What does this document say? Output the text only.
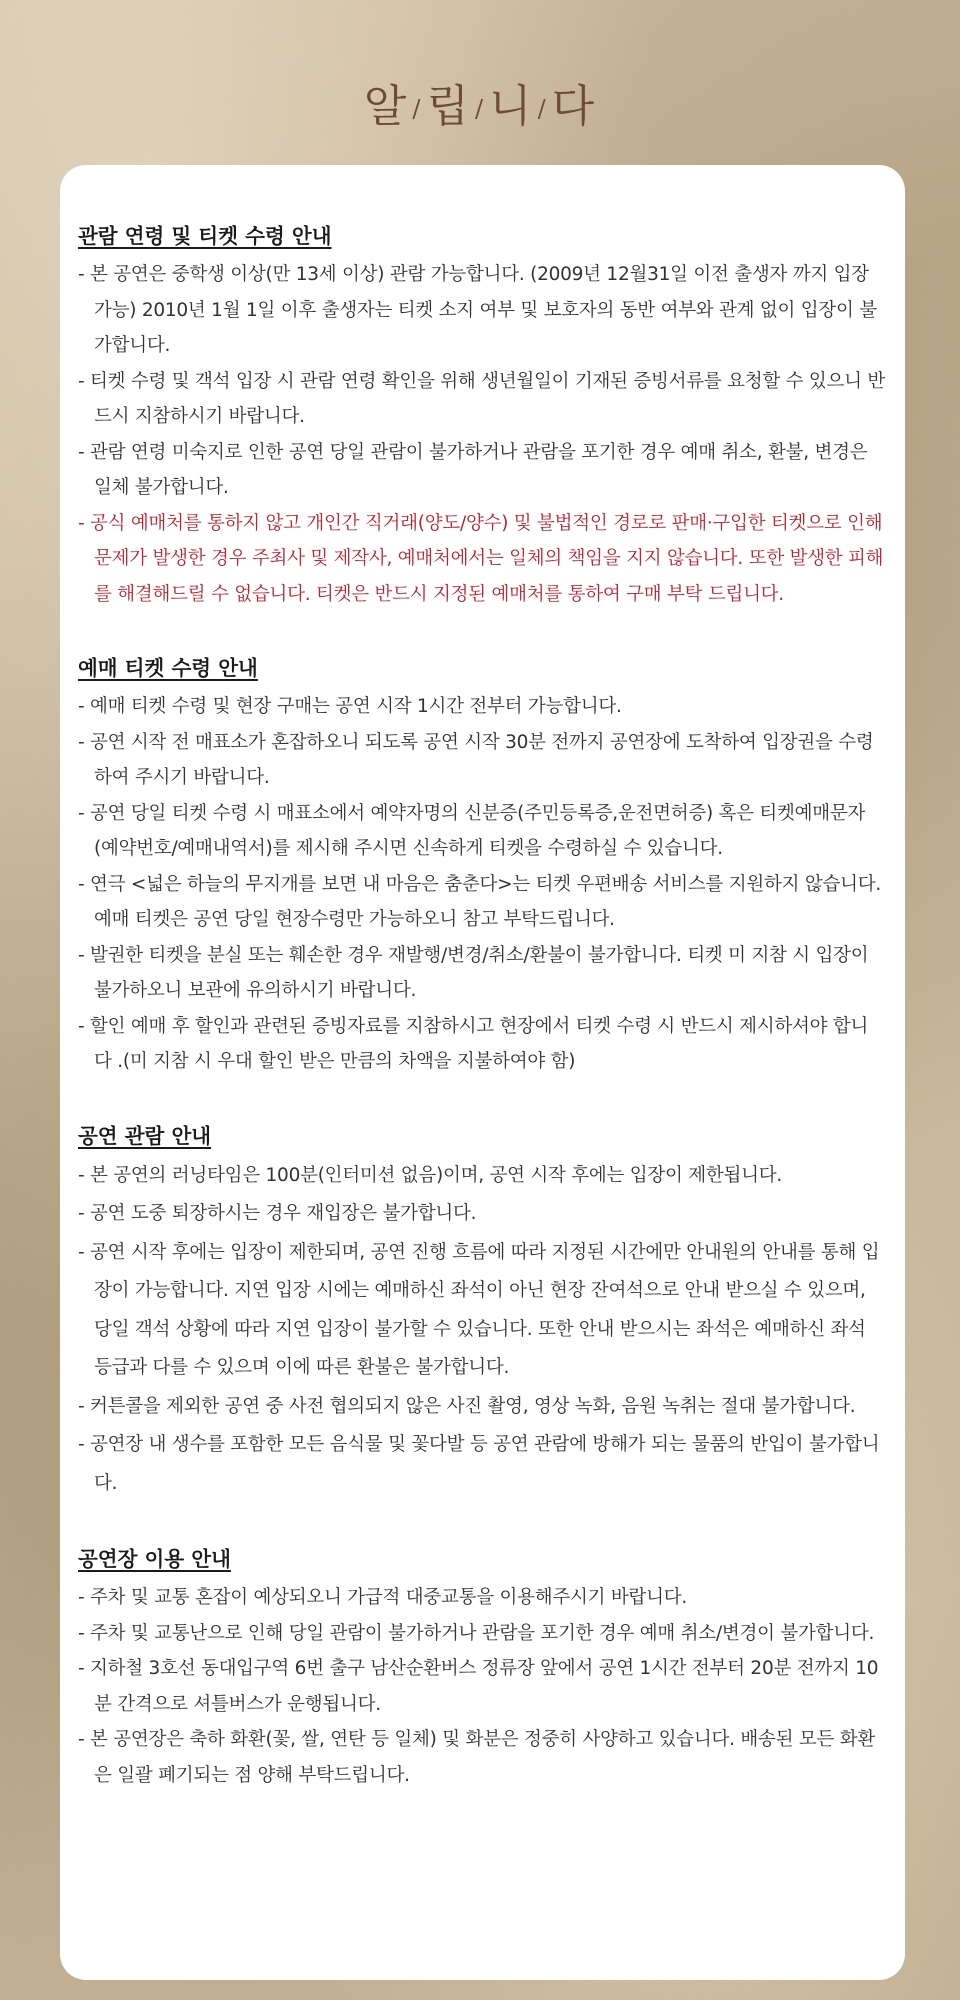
알 /립 /니 /다
관람 연령 및 티켓 수령 안내

- 본 공연은 중학생 이상(만 13세 이상) 관람 가능합니다. (2009년 12월31일 이전 출생자 까지 입장 가능) 2010년 1월 1일 이후 출생자는 티켓 소지 여부 및 보호자의 동반 여부와 관계 없이 입장이 불가합니다.

- 티켓 수령 및 객석 입장 시 관람 연령 확인을 위해 생년월일이 기재된 증빙서류를 요청할 수 있으니 반드시 지참하시기 바랍니다.

- 관람 연령 미숙지로 인한 공연 당일 관람이 불가하거나 관람을 포기한 경우 예매 취소, 환불, 변경은 일체 불가합니다.

- 공식 예매처를 통하지 않고 개인간 직거래(양도/양수) 및 불법적인 경로로 판매·구입한 티켓으로 인해 문제가 발생한 경우 주최사 및 제작사, 예매처에서는 일체의 책임을 지지 않습니다. 또한 발생한 피해를 해결해드릴 수 없습니다. 티켓은 반드시 지정된 예매처를 통하여 구매 부탁 드립니다.

예매 티켓 수령 안내

- 예매 티켓 수령 및 현장 구매는 공연 시작 1시간 전부터 가능합니다.

- 공연 시작 전 매표소가 혼잡하오니 되도록 공연 시작 30분 전까지 공연장에 도착하여 입장권을 수령하여 주시기 바랍니다.

- 공연 당일 티켓 수령 시 매표소에서 예약자명의 신분증(주민등록증,운전면허증) 혹은 티켓예매문자(예약번호/예매내역서)를 제시해 주시면 신속하게 티켓을 수령하실 수 있습니다.

- 연극 <넓은 하늘의 무지개를 보면 내 마음은 춤춘다>는 티켓 우편배송 서비스를 지원하지 않습니다. 예매 티켓은 공연 당일 현장수령만 가능하오니 참고 부탁드립니다.

- 발권한 티켓을 분실 또는 훼손한 경우 재발행/변경/취소/환불이 불가합니다. 티켓 미 지참 시 입장이 불가하오니 보관에 유의하시기 바랍니다.

- 할인 예매 후 할인과 관련된 증빙자료를 지참하시고 현장에서 티켓 수령 시 반드시 제시하셔야 합니다 .(미 지참 시 우대 할인 받은 만큼의 차액을 지불하여야 함)

공연 관람 안내

- 본 공연의 러닝타임은 100분(인터미션 없음)이며, 공연 시작 후에는 입장이 제한됩니다.

- 공연 도중 퇴장하시는 경우 재입장은 불가합니다.

- 공연 시작 후에는 입장이 제한되며, 공연 진행 흐름에 따라 지정된 시간에만 안내원의 안내를 통해 입장이 가능합니다. 지연 입장 시에는 예매하신 좌석이 아닌 현장 잔여석으로 안내 받으실 수 있으며, 당일 객석 상황에 따라 지연 입장이 불가할 수 있습니다. 또한 안내 받으시는 좌석은 예매하신 좌석 등급과 다를 수 있으며 이에 따른 환불은 불가합니다.

- 커튼콜을 제외한 공연 중 사전 협의되지 않은 사진 촬영, 영상 녹화, 음원 녹취는 절대 불가합니다.

- 공연장 내 생수를 포함한 모든 음식물 및 꽃다발 등 공연 관람에 방해가 되는 물품의 반입이 불가합니다.

공연장 이용 안내

- 주차 및 교통 혼잡이 예상되오니 가급적 대중교통을 이용해주시기 바랍니다.

- 주차 및 교통난으로 인해 당일 관람이 불가하거나 관람을 포기한 경우 예매 취소/변경이 불가합니다.

- 지하철 3호선 동대입구역 6번 출구 남산순환버스 정류장 앞에서 공연 1시간 전부터 20분 전까지 10분 간격으로 셔틀버스가 운행됩니다.

- 본 공연장은 축하 화환(꽃, 쌀, 연탄 등 일체) 및 화분은 정중히 사양하고 있습니다. 배송된 모든 화환은 일괄 폐기되는 점 양해 부탁드립니다.
